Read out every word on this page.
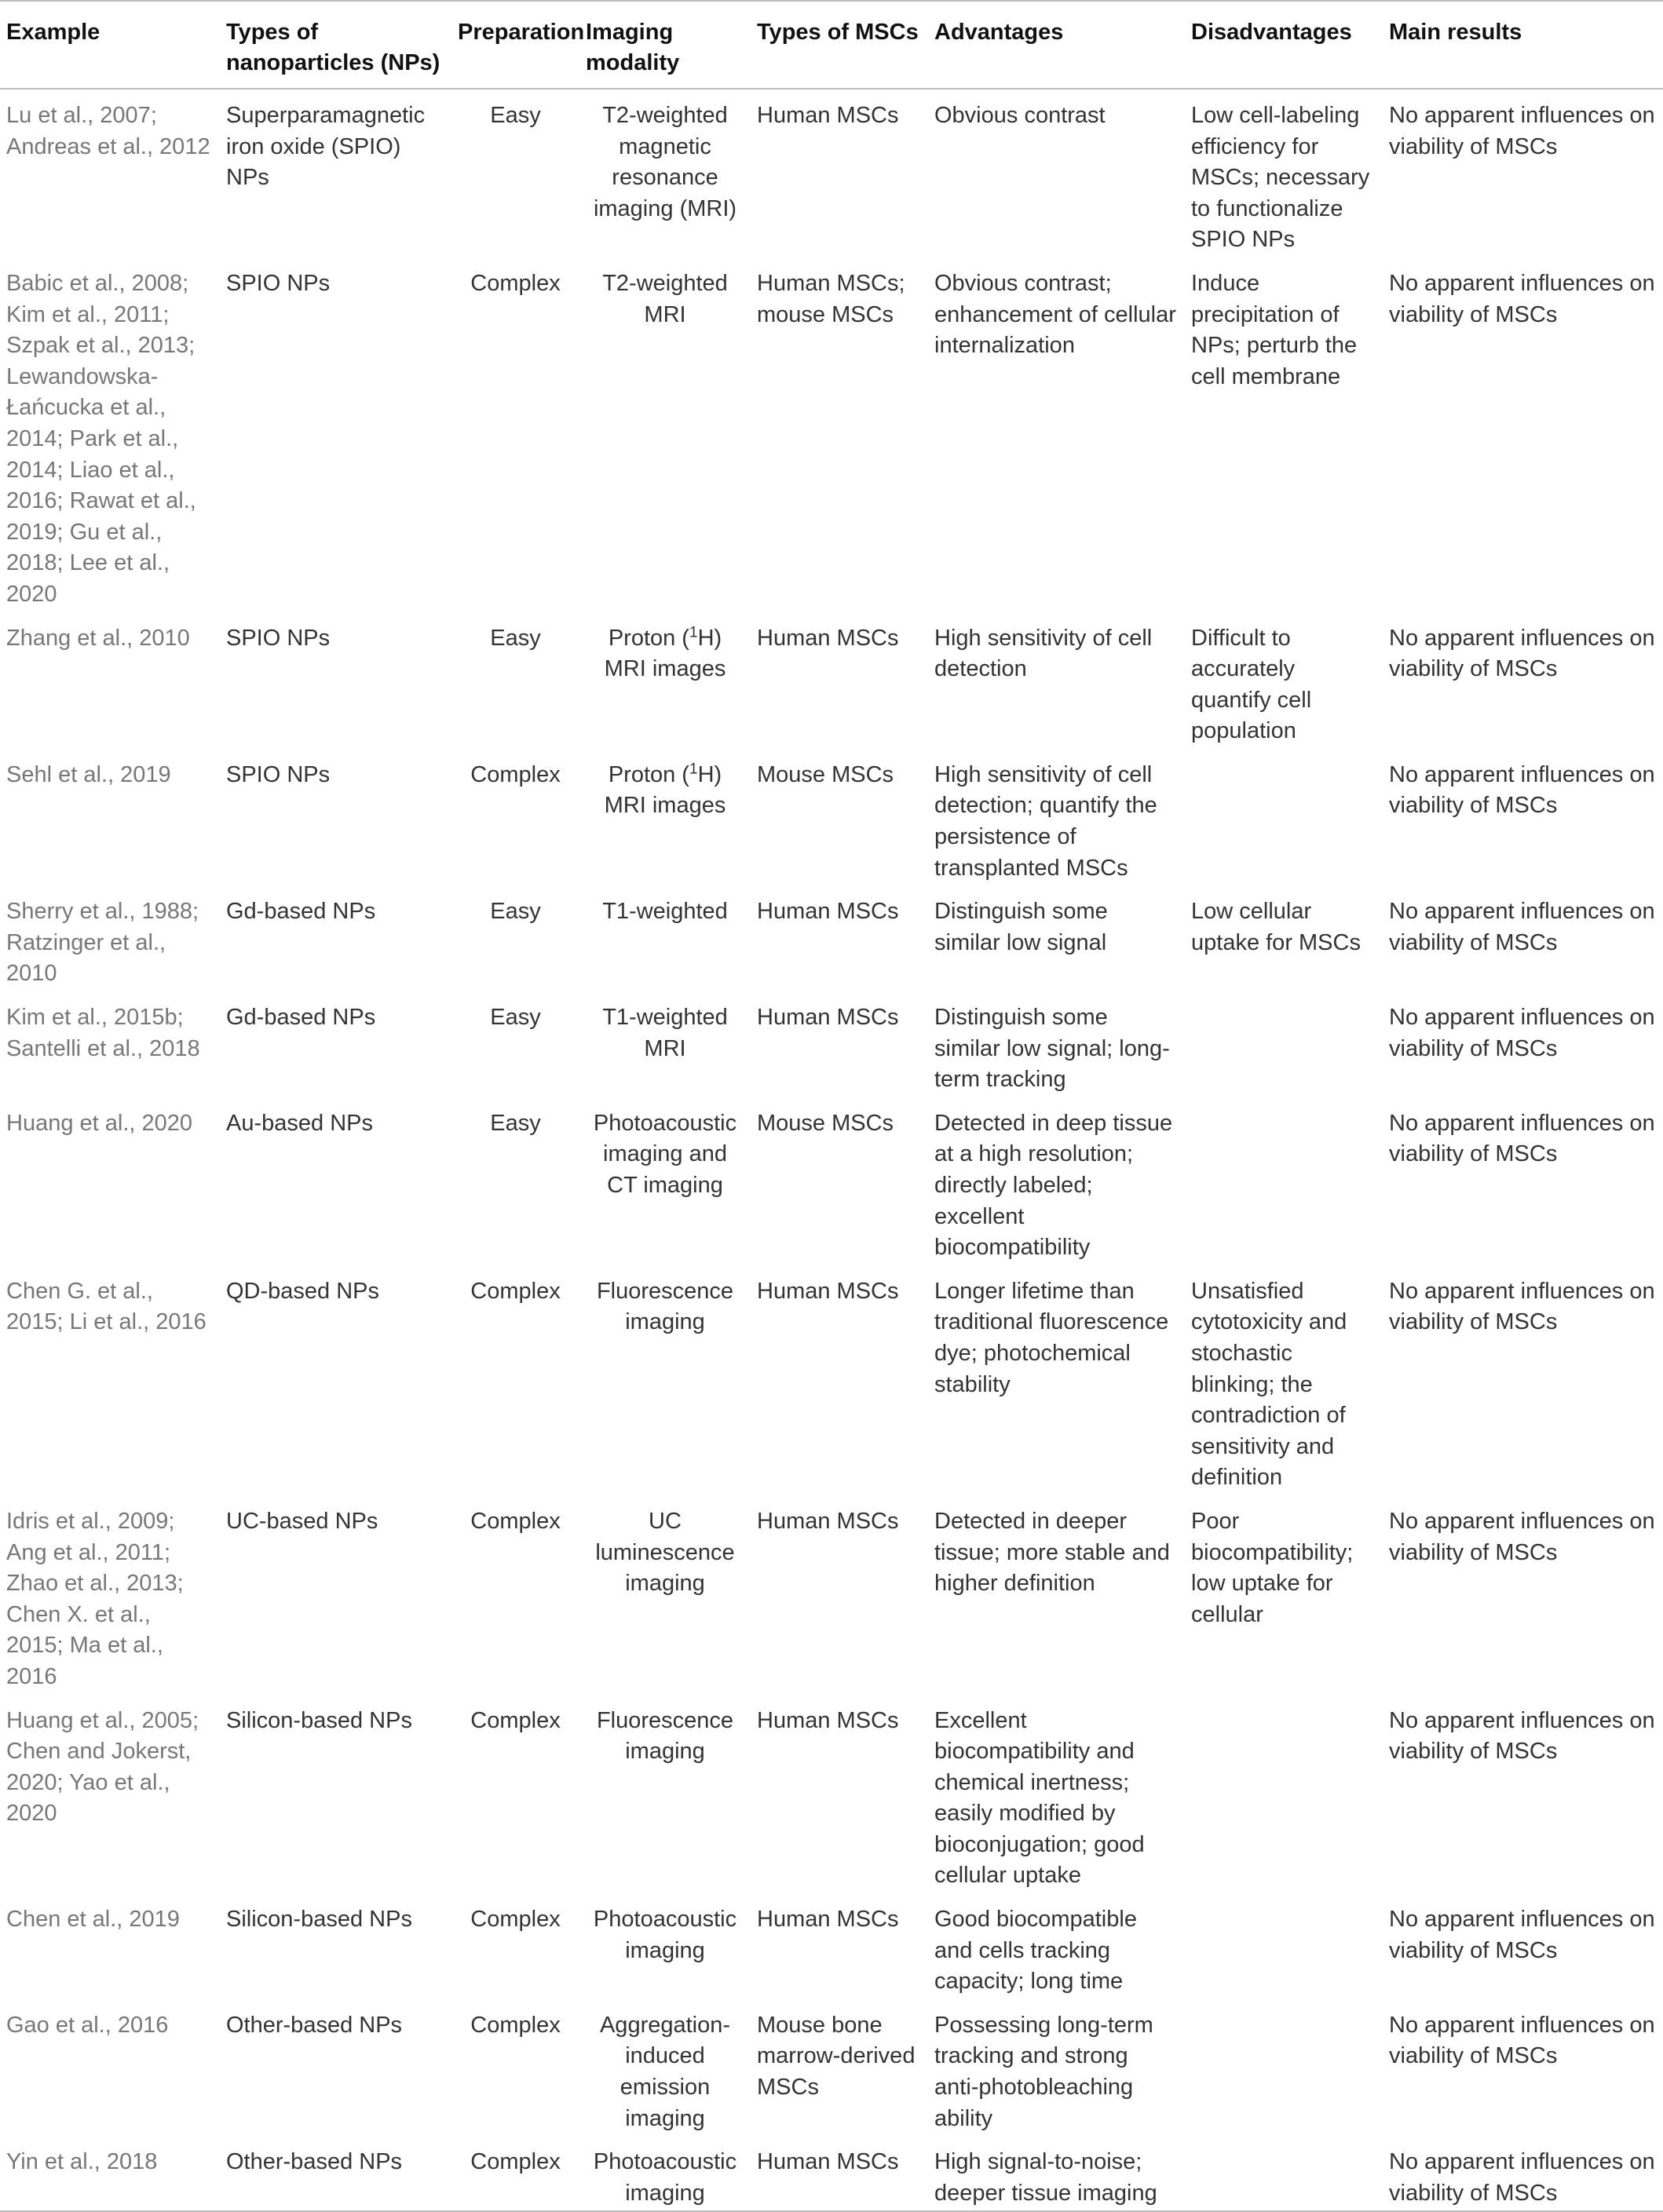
Example	Types of nanoparticles (NPs)	Preparation	Imaging modality	Types of MSCs	Advantages	Disadvantages	Main results
Lu et al., 2007; Andreas et al., 2012	Superparamagnetic iron oxide (SPIO) NPs	Easy	T2-weighted magnetic resonance imaging (MRI)	Human MSCs	Obvious contrast	Low cell-labeling efficiency for MSCs; necessary to functionalize SPIO NPs	No apparent influences on viability of MSCs
Babic et al., 2008; Kim et al., 2011; Szpak et al., 2013; Lewandowska-Łańcucka et al., 2014; Park et al., 2014; Liao et al., 2016; Rawat et al., 2019; Gu et al., 2018; Lee et al., 2020	SPIO NPs	Complex	T2-weighted MRI	Human MSCs; mouse MSCs	Obvious contrast; enhancement of cellular internalization	Induce precipitation of NPs; perturb the cell membrane	No apparent influences on viability of MSCs
Zhang et al., 2010	SPIO NPs	Easy	Proton ($^1$H) MRI images	Human MSCs	High sensitivity of cell detection	Difficult to accurately quantify cell population	No apparent influences on viability of MSCs
Sehl et al., 2019	SPIO NPs	Complex	Proton ($^1$H) MRI images	Mouse MSCs	High sensitivity of cell detection; quantify the persistence of transplanted MSCs		No apparent influences on viability of MSCs
Sherry et al., 1988; Ratzinger et al., 2010	Gd-based NPs	Easy	T1-weighted	Human MSCs	Distinguish some similar low signal	Low cellular uptake for MSCs	No apparent influences on viability of MSCs
Kim et al., 2015b; Santelli et al., 2018	Gd-based NPs	Easy	T1-weighted MRI	Human MSCs	Distinguish some similar low signal; long-term tracking		No apparent influences on viability of MSCs
Huang et al., 2020	Au-based NPs	Easy	Photoacoustic imaging and CT imaging	Mouse MSCs	Detected in deep tissue at a high resolution; directly labeled; excellent biocompatibility		No apparent influences on viability of MSCs
Chen G. et al., 2015; Li et al., 2016	QD-based NPs	Complex	Fluorescence imaging	Human MSCs	Longer lifetime than traditional fluorescence dye; photochemical stability	Unsatisfied cytotoxicity and stochastic blinking; the contradiction of sensitivity and definition	No apparent influences on viability of MSCs
Idris et al., 2009; Ang et al., 2011; Zhao et al., 2013; Chen X. et al., 2015; Ma et al., 2016	UC-based NPs	Complex	UC luminescence imaging	Human MSCs	Detected in deeper tissue; more stable and higher definition	Poor biocompatibility; low uptake for cellular	No apparent influences on viability of MSCs
Huang et al., 2005; Chen and Jokerst, 2020; Yao et al., 2020	Silicon-based NPs	Complex	Fluorescence imaging	Human MSCs	Excellent biocompatibility and chemical inertness; easily modified by bioconjugation; good cellular uptake		No apparent influences on viability of MSCs
Chen et al., 2019	Silicon-based NPs	Complex	Photoacoustic imaging	Human MSCs	Good biocompatible and cells tracking capacity; long time		No apparent influences on viability of MSCs
Gao et al., 2016	Other-based NPs	Complex	Aggregation-induced emission imaging	Mouse bone marrow-derived MSCs	Possessing long-term tracking and strong anti-photobleaching ability		No apparent influences on viability of MSCs
Yin et al., 2018	Other-based NPs	Complex	Photoacoustic imaging	Human MSCs	High signal-to-noise; deeper tissue imaging		No apparent influences on viability of MSCs
